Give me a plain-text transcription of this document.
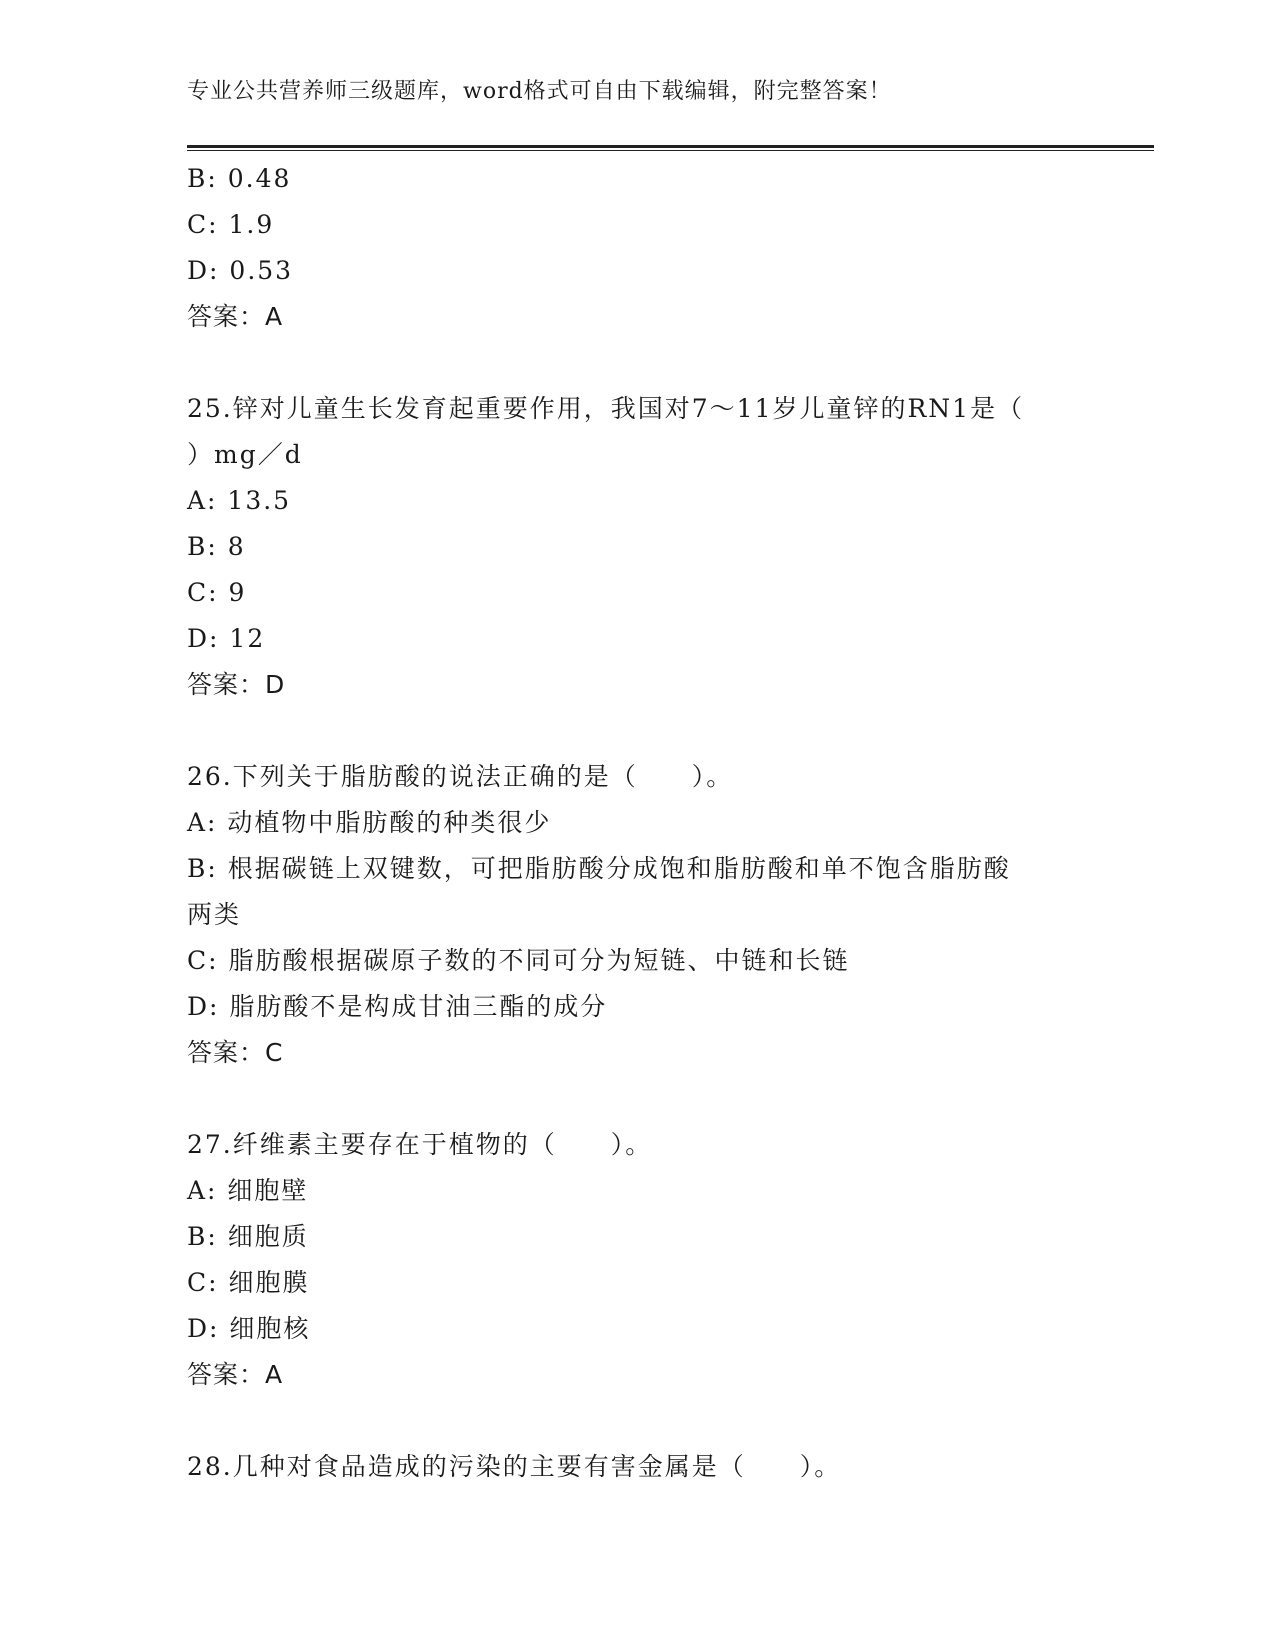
专业公共营养师三级题库，word格式可自由下载编辑，附完整答案！
B: 0.48
C: 1.9
D: 0.53
答案：A
25.锌对儿童生长发育起重要作用，我国对7～11岁儿童锌的RN1是（
）mg／d
A: 13.5
B: 8
C: 9
D: 12
答案：D
26.下列关于脂肪酸的说法正确的是（　　）。
A: 动植物中脂肪酸的种类很少
B: 根据碳链上双键数，可把脂肪酸分成饱和脂肪酸和单不饱含脂肪酸
两类
C: 脂肪酸根据碳原子数的不同可分为短链、中链和长链
D: 脂肪酸不是构成甘油三酯的成分
答案：C
27.纤维素主要存在于植物的（　　）。
A: 细胞壁
B: 细胞质
C: 细胞膜
D: 细胞核
答案：A
28.几种对食品造成的污染的主要有害金属是（　　）。
